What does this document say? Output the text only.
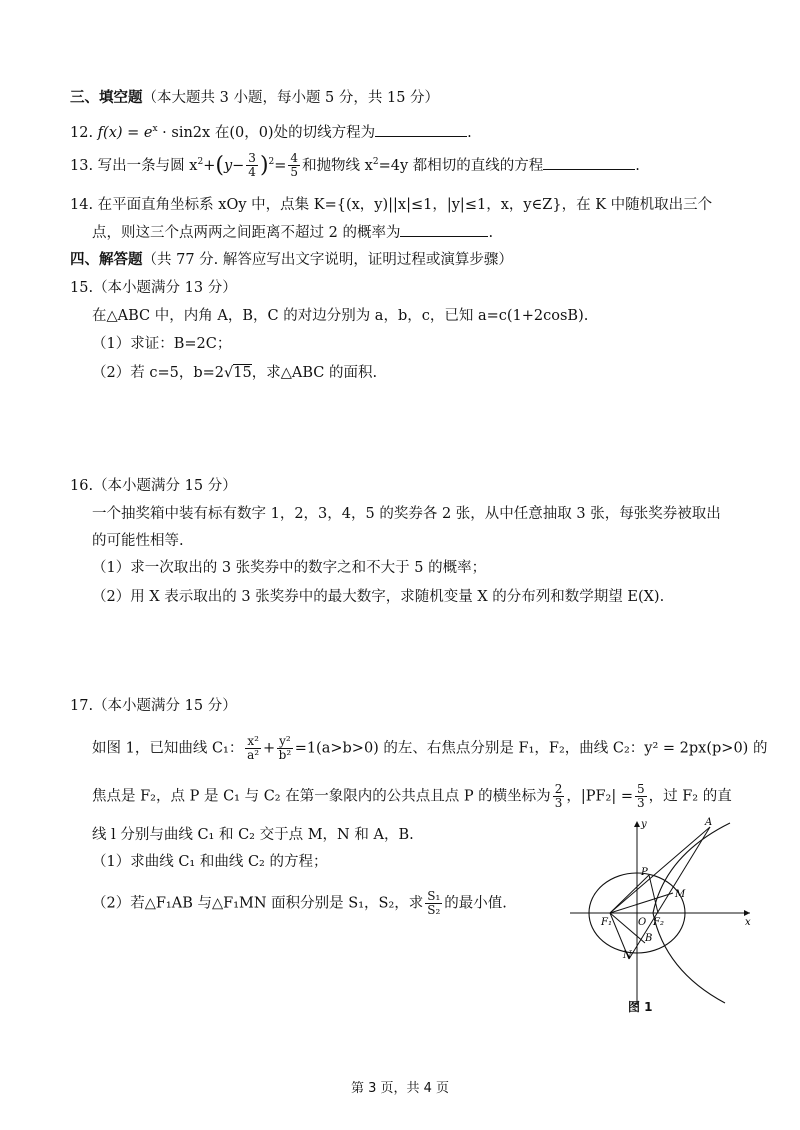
三、填空题（本大题共 3 小题，每小题 5 分，共 15 分）
12. $f(x) = e^x \cdot \sin 2x$ 在(0，0)处的切线方程为	.
13. 写出一条与圆 $x^2+(y- \frac{3}{4} )^2= \frac{4}{5}$ 和抛物线 $x^2=4y$ 都相切的直线的方程	.
14. 在平面直角坐标系 xOy 中，点集 K={(x，y)||x|≤1，|y|≤1，x，y∈Z}，在 K 中随机取出三个
点，则这三个点两两之间距离不超过 2 的概率为	.
四、解答题（共 77 分. 解答应写出文字说明，证明过程或演算步骤）
15.（本小题满分 13 分）
在△ABC 中，内角 A，B，C 的对边分别为 a，b，c，已知 a=c(1+2cosB).
（1）求证：B=2C；
（2）若 c=5，b=2√15，求△ABC 的面积.
16.（本小题满分 15 分）
一个抽奖箱中装有标有数字 1，2，3，4，5 的奖券各 2 张，从中任意抽取 3 张，每张奖券被取出
的可能性相等.
（1）求一次取出的 3 张奖券中的数字之和不大于 5 的概率；
（2）用 X 表示取出的 3 张奖券中的最大数字，求随机变量 X 的分布列和数学期望 E(X).
17.（本小题满分 15 分）
如图 1，已知曲线 C₁： $\frac{\text{x²}}{\text{a²}} + \frac{\text{y²}}{\text{b²}} =1(a>b>0)$ 的左、右焦点分别是 F₁，F₂，曲线 C₂：y² = 2px(p>0) 的
焦点是 F₂，点 P 是 C₁ 与 C₂ 在第一象限内的公共点且点 P 的横坐标为 $\frac{2}{3}$ ，$|PF_2| = \frac{5}{3}$ ，过 F₂ 的直
线 l 分别与曲线 C₁ 和 C₂ 交于点 M，N 和 A，B.
（1）求曲线 C₁ 和曲线 C₂ 的方程；
（2）若△F₁AB 与△F₁MN 面积分别是 S₁，S₂，求 $\frac{\text{S₁}}{\text{S₂}}$ 的最小值.
y
x
A
P
M
F₁	O F₂
B
N
图 1
第 3 页，共 4 页
